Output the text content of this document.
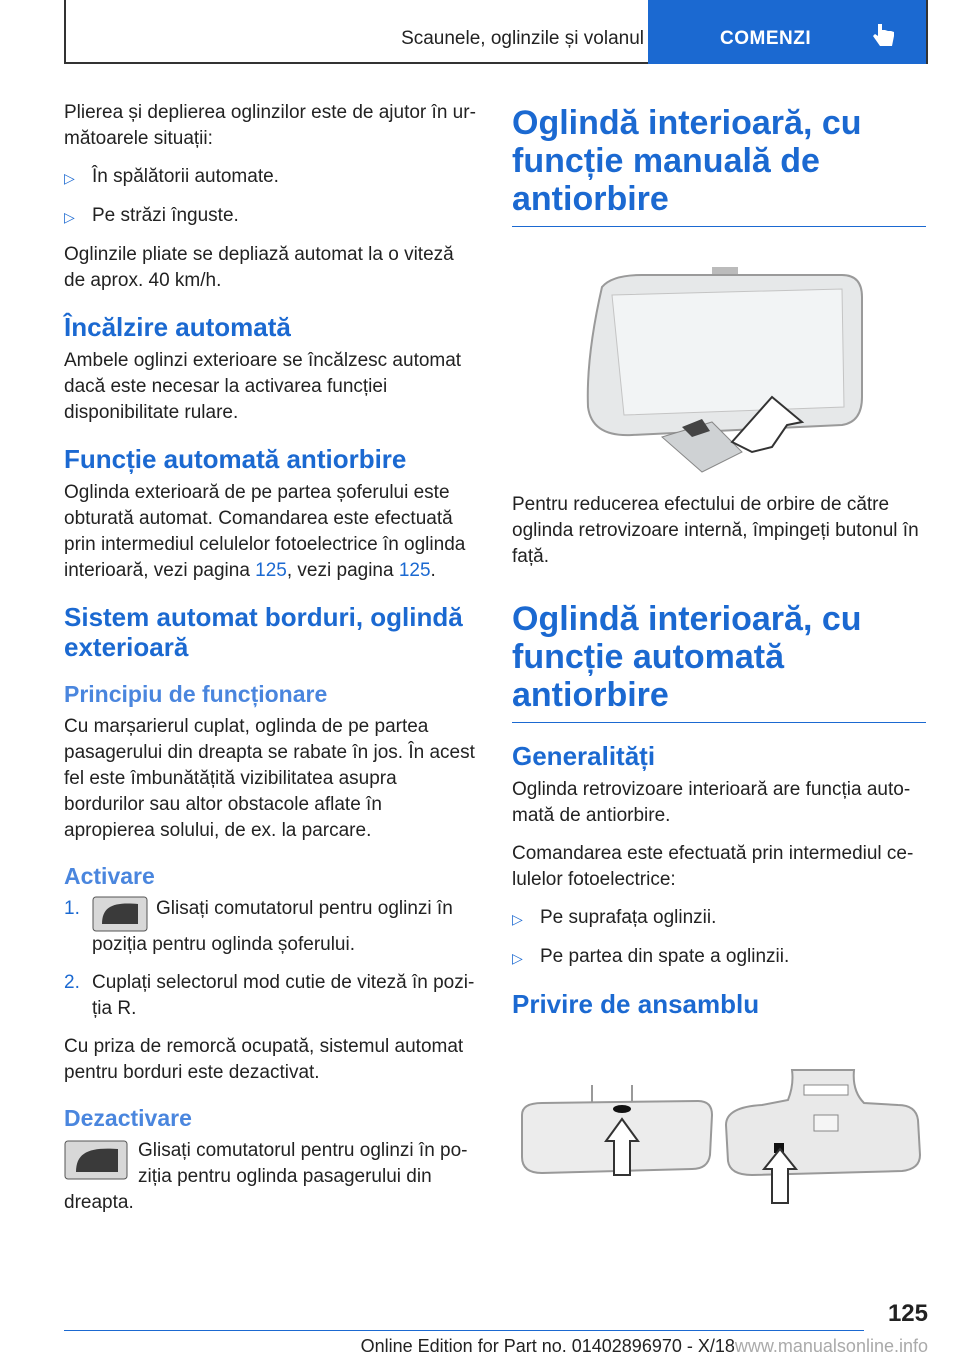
Scaunele, oglinzile și volanul	COMENZI

Plierea și deplierea oglinzilor este de ajutor în următoarele situații:

▷ În spălătorii automate.
▷ Pe străzi înguste.

Oglinzile pliate se depliază automat la o viteză de aprox. 40 km/h.

Încălzire automată

Ambele oglinzi exterioare se încălzesc automat dacă este necesar la activarea funcției disponibilitate rulare.

Funcție automată antiorbire

Oglinda exterioară de pe partea șoferului este obturată automat. Comandarea este efectuată prin intermediul celulelor fotoelectrice în oglinda interioară, vezi pagina 125, vezi pagina 125.

Sistem automat borduri, oglindă exterioară
Principiu de funcționare

Cu marșarierul cuplat, oglinda de pe partea pasagerului din dreapta se rabate în jos. În acest fel este îmbunătățită vizibilitatea asupra bordurilor sau altor obstacole aflate în apropierea solului, de ex. la parcare.

Activare
1.	Glisați comutatorul pentru oglinzi în poziția pentru oglinda șoferului.
2. Cuplați selectorul mod cutie de viteză în poziția R.

Cu priza de remorcă ocupată, sistemul automat pentru borduri este dezactivat.

Dezactivare

Glisați comutatorul pentru oglinzi în poziția pentru oglinda pasagerului din dreapta.

Oglindă interioară, cu funcție manuală de antiorbire

Pentru reducerea efectului de orbire de către oglinda retrovizoare internă, împingeți butonul în față.

Oglindă interioară, cu funcție automată antiorbire
Generalități

Oglinda retrovizoare interioară are funcția automată de antiorbire.

Comandarea este efectuată prin intermediul celulelor fotoelectrice:

▷ Pe suprafața oglinzii.
▷ Pe partea din spate a oglinzii.
Privire de ansamblu
125
Online Edition for Part no. 01402896970 - X/18www.manualsonline.info
